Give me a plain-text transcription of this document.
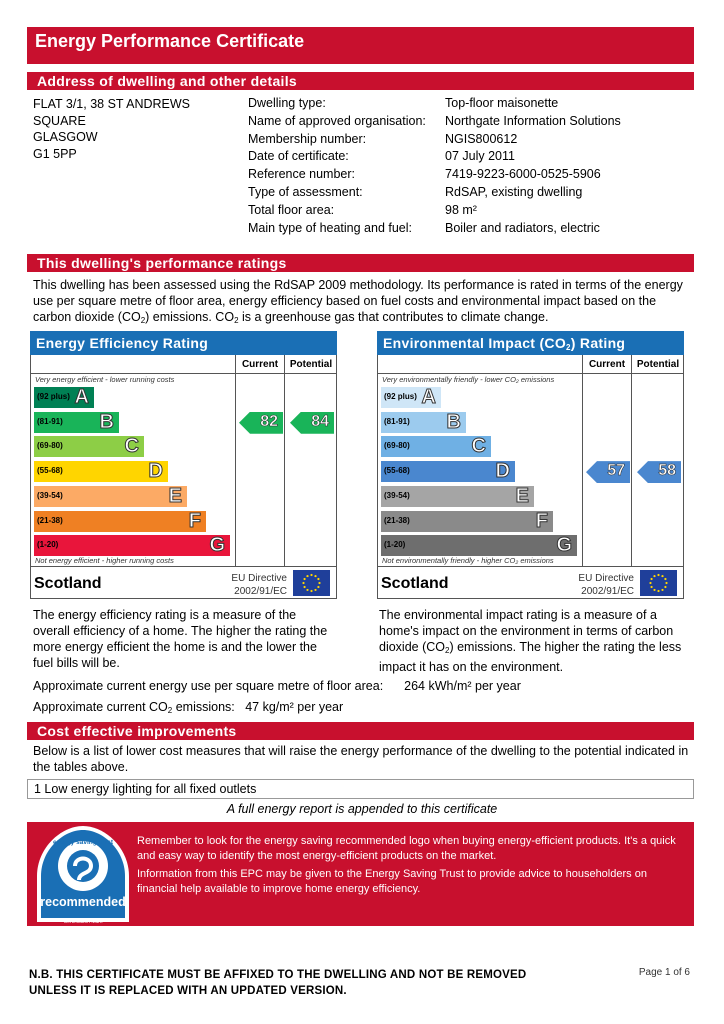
Energy Performance Certificate
Address of dwelling and other details
FLAT 3/1, 38 ST ANDREWS
SQUARE
GLASGOW
G1 5PP
Dwelling type:	Top-floor maisonette
Name of approved organisation: Northgate Information Solutions
Membership number:	NGIS800612
Date of certificate:	07 July 2011
Reference number:	7419-9223-6000-0525-5906
Type of assessment:	RdSAP, existing dwelling
Total floor area:	98 m²
Main type of heating and fuel:	Boiler and radiators, electric
This dwelling's performance ratings
This dwelling has been assessed using the RdSAP 2009 methodology. Its performance is rated in terms of the energy use per square metre of floor area, energy efficiency based on fuel costs and environmental impact based on the carbon dioxide $(CO_2)$ emissions. $CO_2$ is a greenhouse gas that contributes to climate change.
Energy Efficiency Rating
Current	Potential
Very energy efficient - lower running costs
(92 plus) A
(81-91) B
(69-80)	C
(55-68)	D
(39-54)	E
(21-38)	F
(1-20)	G
Not energy efficient - higher running costs
Scotland	EU Directive
2002/91/EC
82 84
Environmental Impact $(CO_2)$ Rating
Current	Potential
Very environmentally friendly - lower CO₂ emissions
(92 plus) A
(81-91) B
(69-80)	C
(55-68)	D
(39-54)	E
(21-38)	F
(1-20)	G
Not environmentally friendly - higher CO₂ emissions
Scotland	EU Directive
2002/91/EC
57 58
The energy efficiency rating is a measure of the overall efficiency of a home. The higher the rating the more energy efficient the home is and the lower the fuel bills will be.
The environmental impact rating is a measure of a home's impact on the environment in terms of carbon dioxide $(CO_2)$ emissions. The higher the rating the less impact it has on the environment.
Approximate current energy use per square metre of floor area: 264 kWh/m² per year
Approximate current $CO_2$ emissions: 47 kg/m² per year
Cost effective improvements
Below is a list of lower cost measures that will raise the energy performance of the dwelling to the potential indicated in the tables above.
1 Low energy lighting for all fixed outlets
A full energy report is appended to this certificate
recommended
energy saving trust
Certification Mark

Remember to look for the energy saving recommended logo when buying energy-efficient products. It's a quick and easy way to identify the most energy-efficient products on the market.

Information from this EPC may be given to the Energy Saving Trust to provide advice to householders on financial help available to improve home energy efficiency.

N.B. THIS CERTIFICATE MUST BE AFFIXED TO THE DWELLING AND NOT BE REMOVED
UNLESS IT IS REPLACED WITH AN UPDATED VERSION.
Page 1 of 6
